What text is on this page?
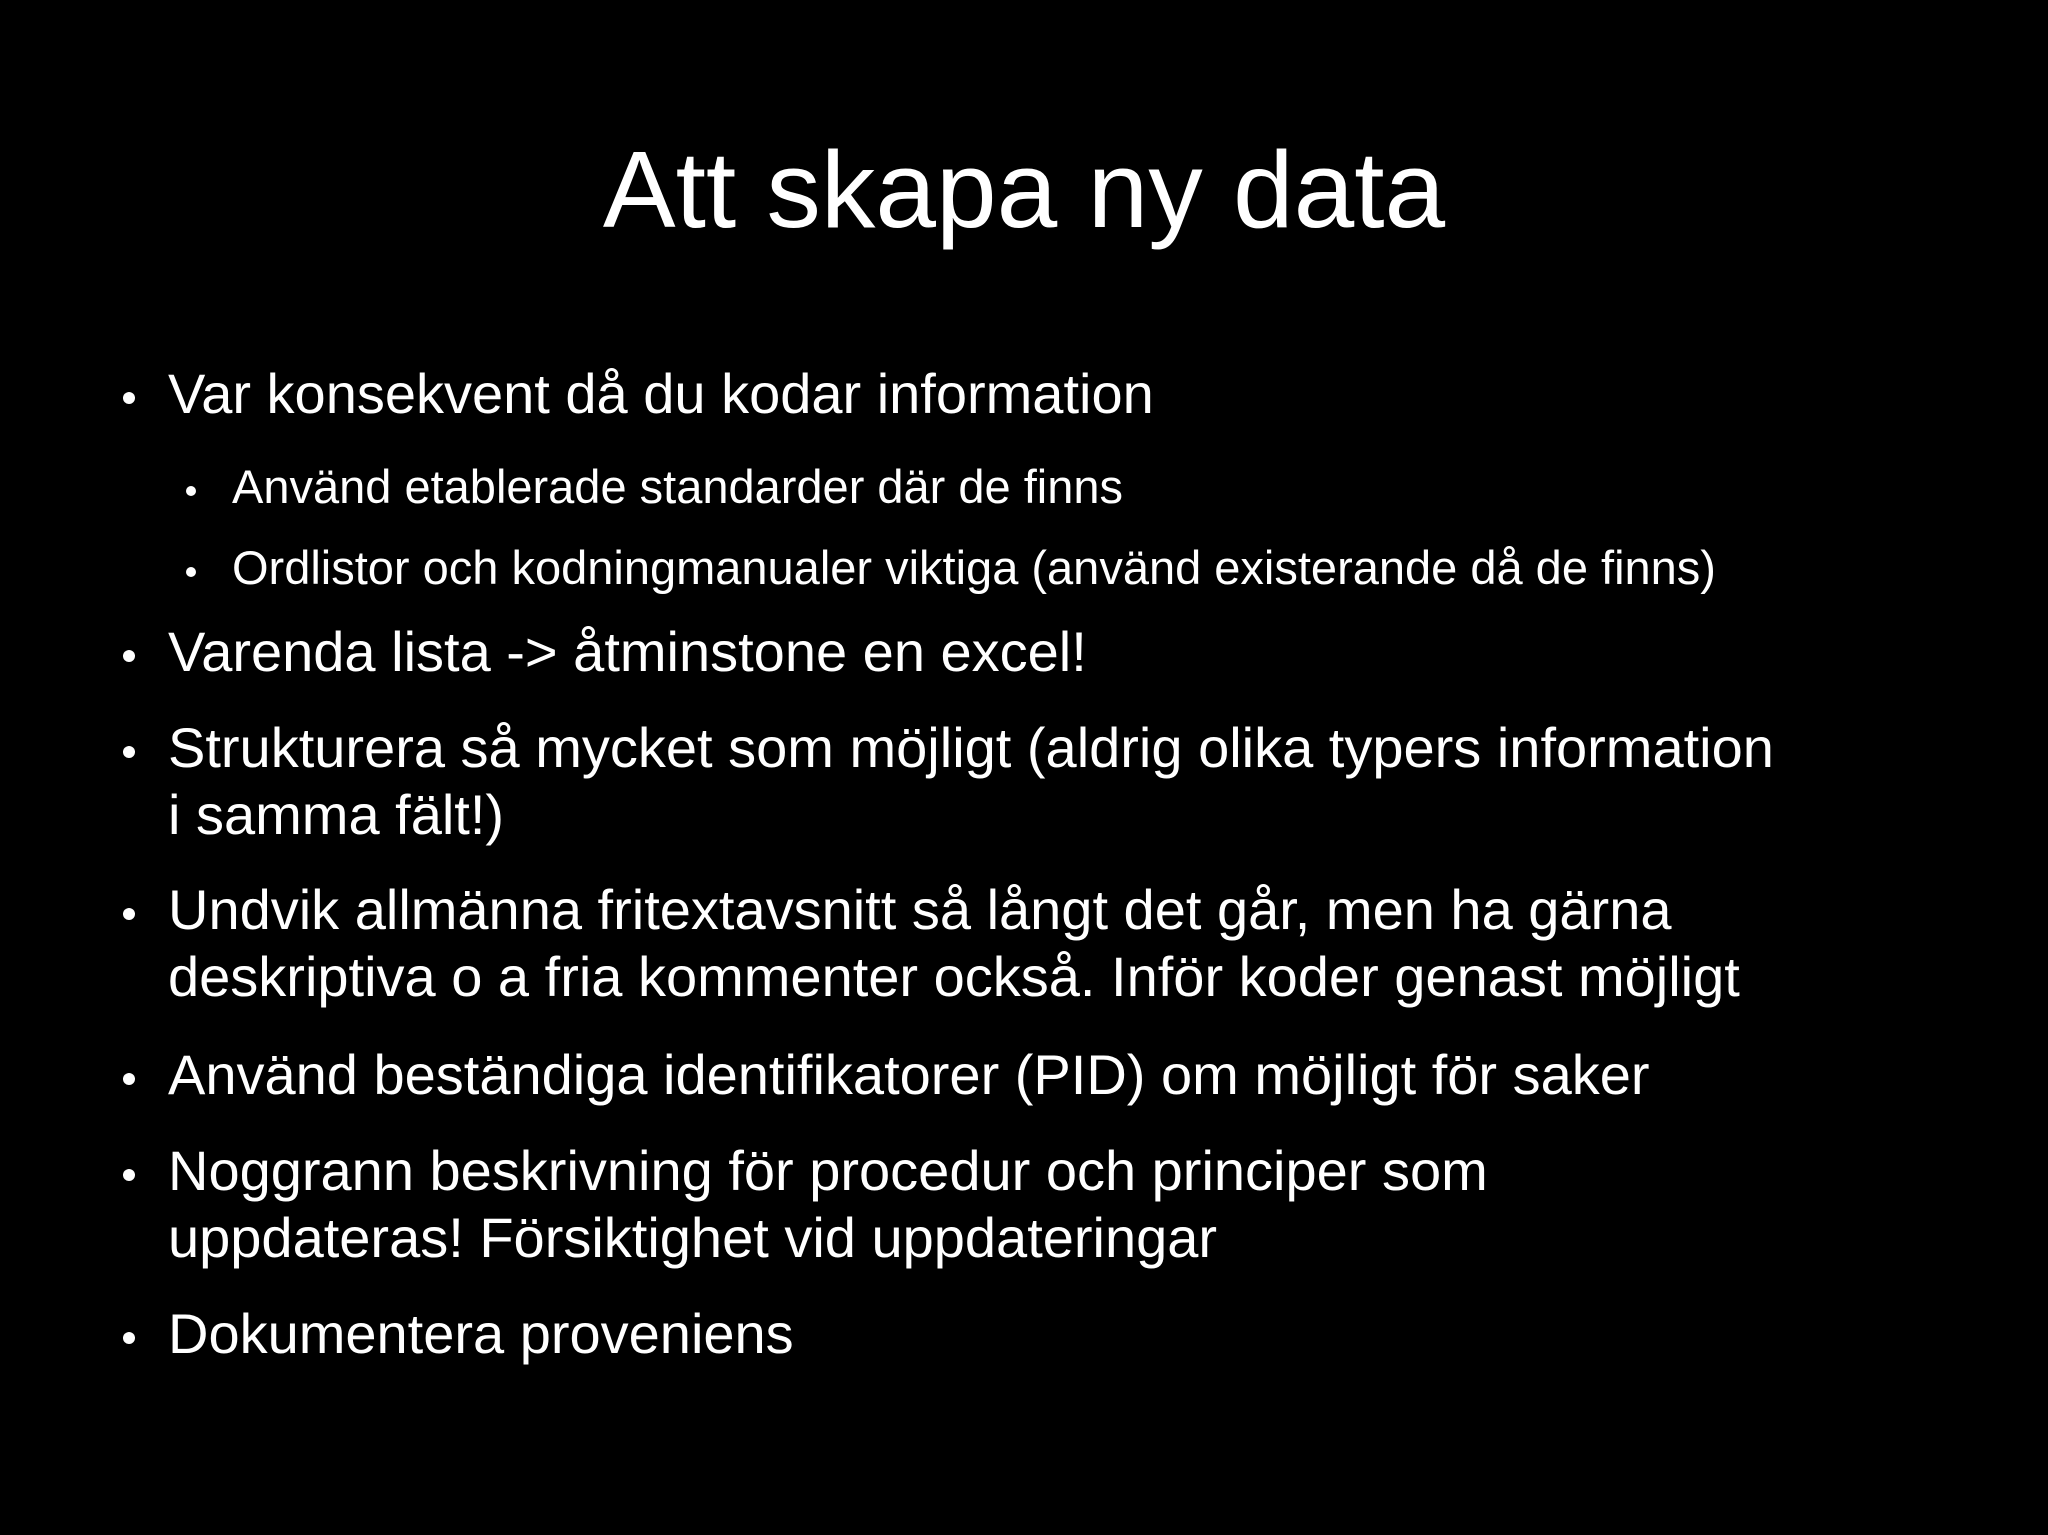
Att skapa ny data
Var konsekvent då du kodar information
Använd etablerade standarder där de finns
Ordlistor och kodningmanualer viktiga (använd existerande då de finns)
Varenda lista -> åtminstone en excel!
Strukturera så mycket som möjligt (aldrig olika typers information
i samma fält!)
Undvik allmänna fritextavsnitt så långt det går, men ha gärna
deskriptiva o a fria kommenter också. Inför koder genast möjligt
Använd beständiga identifikatorer (PID) om möjligt för saker
Noggrann beskrivning för procedur och principer som
uppdateras! Försiktighet vid uppdateringar
Dokumentera proveniens
